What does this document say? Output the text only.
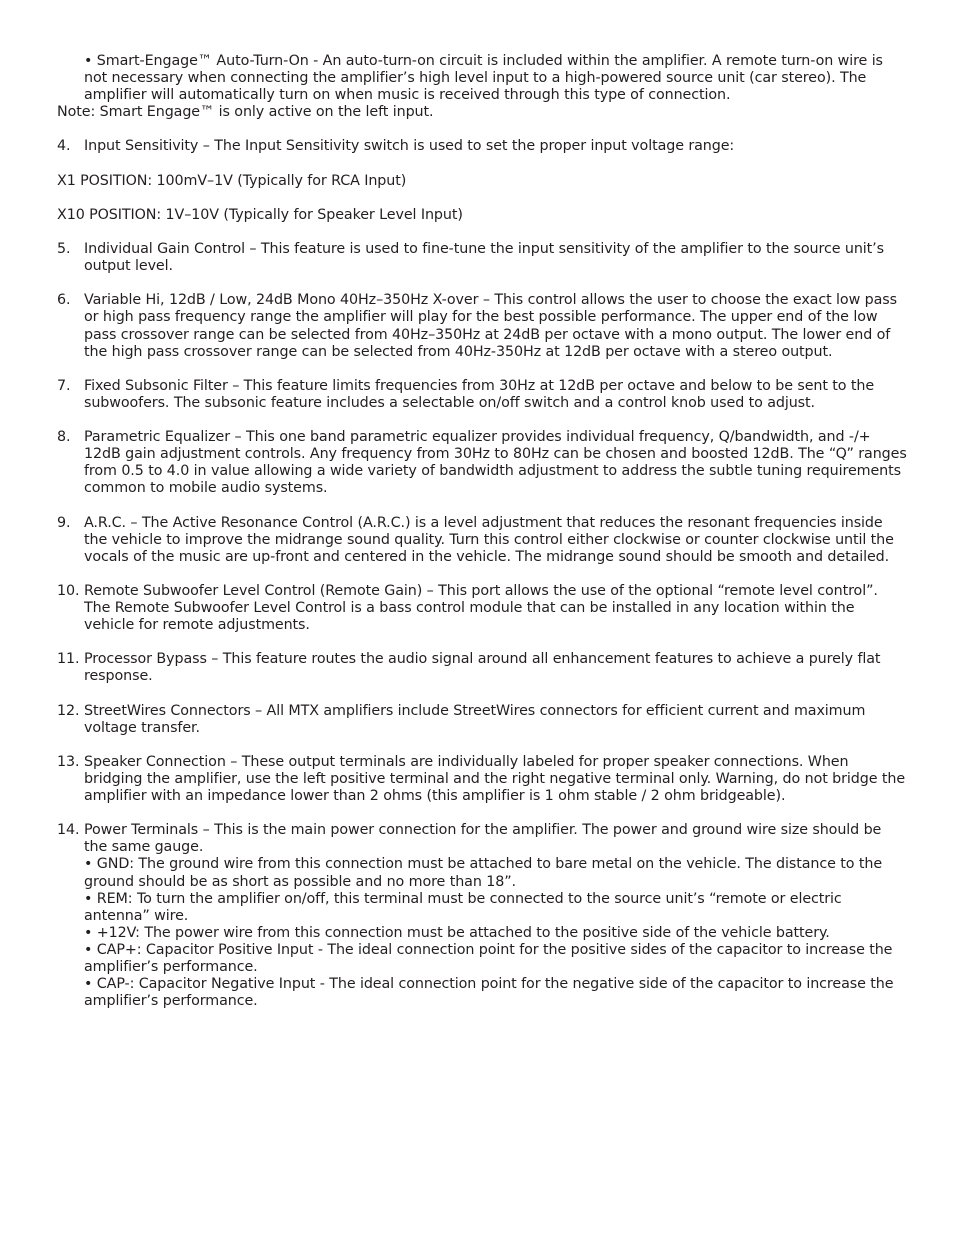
• Smart-Engage™ Auto-Turn-On - An auto-turn-on circuit is included within the amplifier. A remote turn-on wire is not necessary when connecting the amplifier’s high level input to a high-powered source unit (car stereo). The amplifier will automatically turn on when music is received through this type of connection.

Note: Smart Engage™ is only active on the left input.

4. Input Sensitivity – The Input Sensitivity switch is used to set the proper input voltage range:

X1 POSITION: 100mV–1V (Typically for RCA Input)

X10 POSITION: 1V–10V (Typically for Speaker Level Input)

5. Individual Gain Control – This feature is used to fine-tune the input sensitivity of the amplifier to the source unit’s output level.
6. Variable Hi, 12dB / Low, 24dB Mono 40Hz–350Hz X-over – This control allows the user to choose the exact low pass or high pass frequency range the amplifier will play for the best possible performance. The upper end of the low pass crossover range can be selected from 40Hz–350Hz at 24dB per octave with a mono output. The lower end of the high pass crossover range can be selected from 40Hz-350Hz at 12dB per octave with a stereo output.
7. Fixed Subsonic Filter – This feature limits frequencies from 30Hz at 12dB per octave and below to be sent to the subwoofers. The subsonic feature includes a selectable on/off switch and a control knob used to adjust.
8. Parametric Equalizer – This one band parametric equalizer provides individual frequency, Q/bandwidth, and -/+ 12dB gain adjustment controls. Any frequency from 30Hz to 80Hz can be chosen and boosted 12dB. The “Q” ranges from 0.5 to 4.0 in value allowing a wide variety of bandwidth adjustment to address the subtle tuning requirements common to mobile audio systems.
9. A.R.C. – The Active Resonance Control (A.R.C.) is a level adjustment that reduces the resonant frequencies inside the vehicle to improve the midrange sound quality. Turn this control either clockwise or counter clockwise until the vocals of the music are up-front and centered in the vehicle. The midrange sound should be smooth and detailed.
10. Remote Subwoofer Level Control (Remote Gain) – This port allows the use of the optional “remote level control”. The Remote Subwoofer Level Control is a bass control module that can be installed in any location within the vehicle for remote adjustments.
11. Processor Bypass – This feature routes the audio signal around all enhancement features to achieve a purely flat response.
12. StreetWires Connectors – All MTX amplifiers include StreetWires connectors for efficient current and maximum voltage transfer.
13. Speaker Connection – These output terminals are individually labeled for proper speaker connections. When bridging the amplifier, use the left positive terminal and the right negative terminal only. Warning, do not bridge the amplifier with an impedance lower than 2 ohms (this amplifier is 1 ohm stable / 2 ohm bridgeable).
14. Power Terminals – This is the main power connection for the amplifier. The power and ground wire size should be the same gauge.
• GND: The ground wire from this connection must be attached to bare metal on the vehicle. The distance to the ground should be as short as possible and no more than 18”.
• REM: To turn the amplifier on/off, this terminal must be connected to the source unit’s “remote or electric antenna” wire.
• +12V: The power wire from this connection must be attached to the positive side of the vehicle battery.
• CAP+: Capacitor Positive Input - The ideal connection point for the positive sides of the capacitor to increase the amplifier’s performance.
• CAP-: Capacitor Negative Input - The ideal connection point for the negative side of the capacitor to increase the amplifier’s performance.
